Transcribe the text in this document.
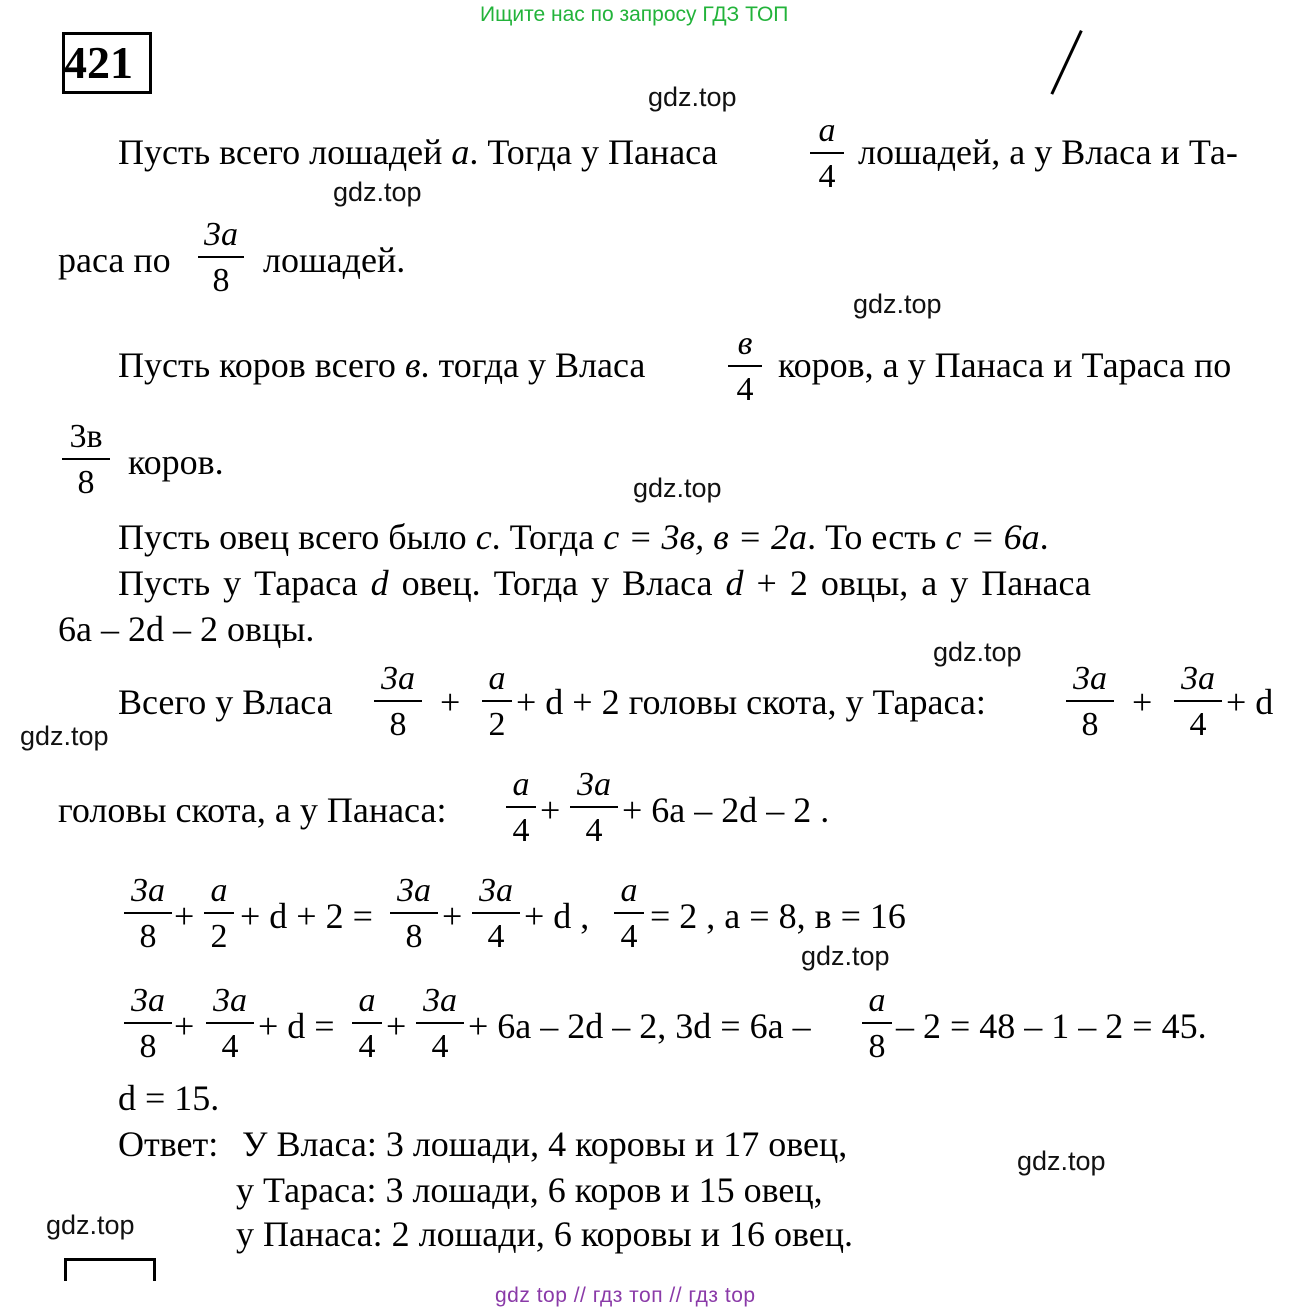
Ищите нас по запросу ГДЗ ТОП
421
gdz.top
gdz.top
gdz.top
gdz.top
gdz.top
gdz.top
gdz.top
gdz.top
gdz.top
Пусть всего лошадей a. Тогда у Панаса
a
4
лошадей, а у Власа и Та-
раса по
3a
8
лошадей.
Пусть коров всего в. тогда у Власа
в
4
коров, а у Панаса и Тараса по
3в
8
коров.
Пусть овец всего было c. Тогда c = 3в, в = 2a. То есть c = 6a.
Пусть у Тараса d овец. Тогда у Власа d + 2 овцы, а у Панаса
6a – 2d – 2 овцы.
Всего у Власа
3a
8
+
a
2
+ d + 2 головы скота, у Тараса:
3a
8
+
3a
4
+ d
головы скота, а у Панаса:
a
4
+
3a
4
+ 6a – 2d – 2 .
3a
8
+
a
2
+ d + 2 =
3a
8
+
3a
4
+ d ,
a
4
= 2 , a = 8, в = 16
3a
8
+
3a
4
+ d =
a
4
+
3a
4
+ 6a – 2d – 2, 3d = 6a –
a
8
– 2 = 48 – 1 – 2 = 45.
d = 15.
Ответ: У Власа: 3 лошади, 4 коровы и 17 овец,
у Тараса: 3 лошади, 6 коров и 15 овец,
у Панаса: 2 лошади, 6 коровы и 16 овец.
gdz top // гдз топ // гдз top
